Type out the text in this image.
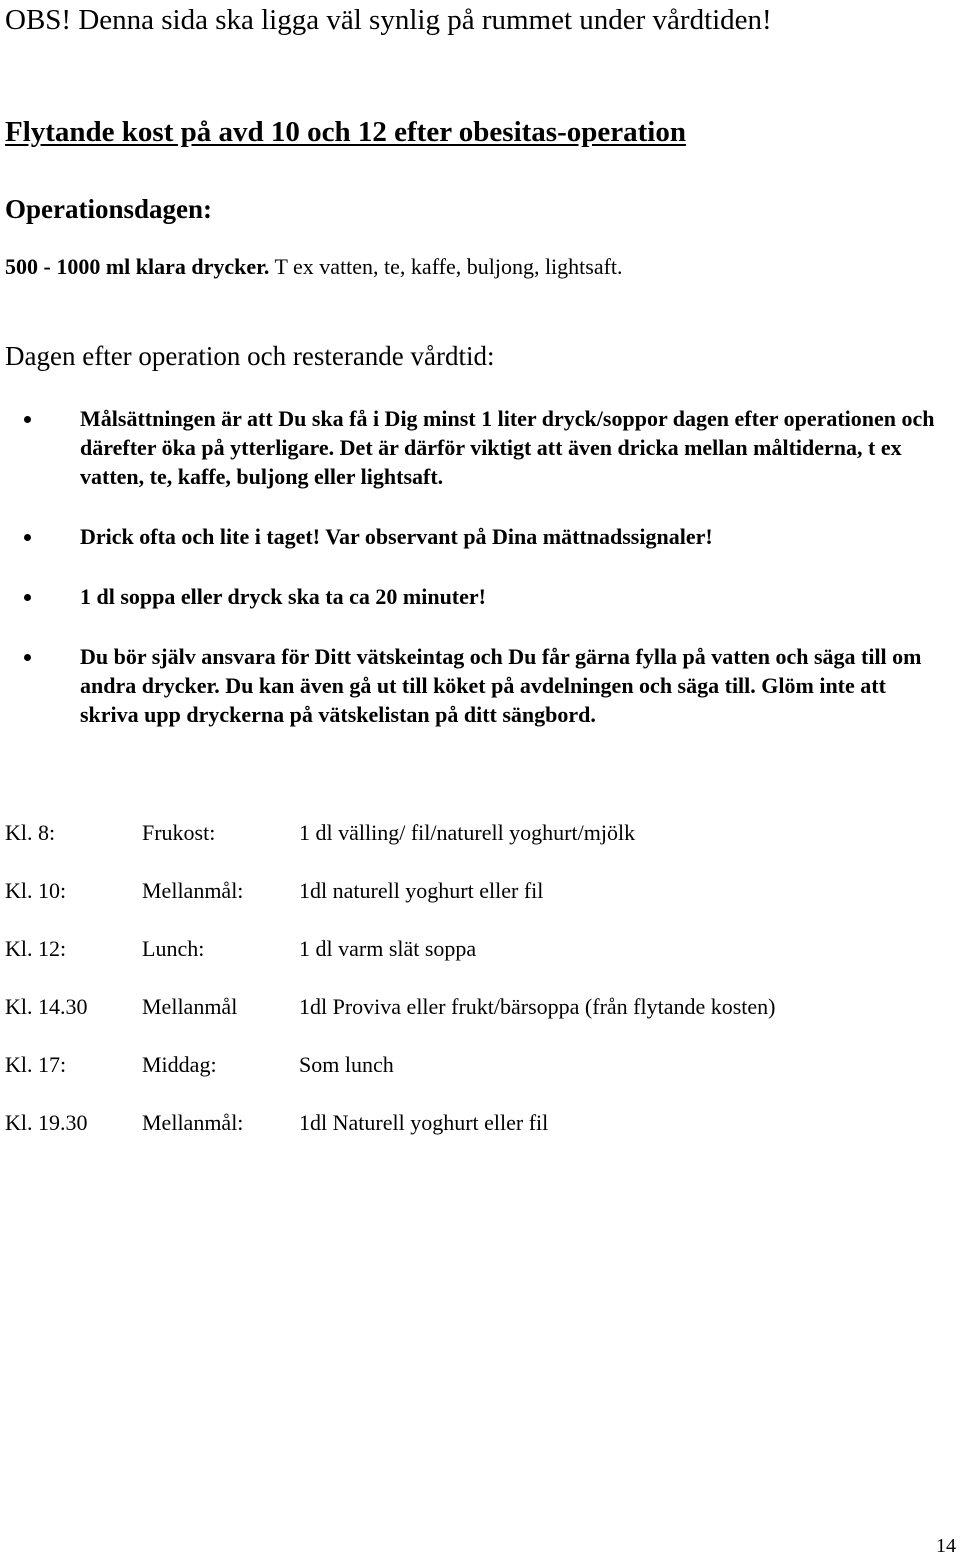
OBS! Denna sida ska ligga väl synlig på rummet under vårdtiden!
Flytande kost på avd 10 och 12 efter obesitas-operation
Operationsdagen:
500 - 1000 ml klara drycker. T ex vatten, te, kaffe, buljong, lightsaft.
Dagen efter operation och resterande vårdtid:
Målsättningen är att Du ska få i Dig minst 1 liter dryck/soppor dagen efter operationen och därefter öka på ytterligare. Det är därför viktigt att även dricka mellan måltiderna, t ex vatten, te, kaffe, buljong eller lightsaft.
Drick ofta och lite i taget! Var observant på Dina mättnadssignaler!
1 dl soppa eller dryck ska ta ca 20 minuter!
Du bör själv ansvara för Ditt vätskeintag och Du får gärna fylla på vatten och säga till om andra drycker. Du kan även gå ut till köket på avdelningen och säga till. Glöm inte att skriva upp dryckerna på vätskelistan på ditt sängbord.
Kl. 8:	Frukost:	1 dl välling/ fil/naturell yoghurt/mjölk
Kl. 10:	Mellanmål:	1dl naturell yoghurt eller fil
Kl. 12:	Lunch:	1 dl varm slät soppa
Kl. 14.30 Mellanmål	1dl Proviva eller frukt/bärsoppa (från flytande kosten)
Kl. 17:	Middag:	Som lunch
Kl. 19.30 Mellanmål:	1dl Naturell yoghurt eller fil
14
